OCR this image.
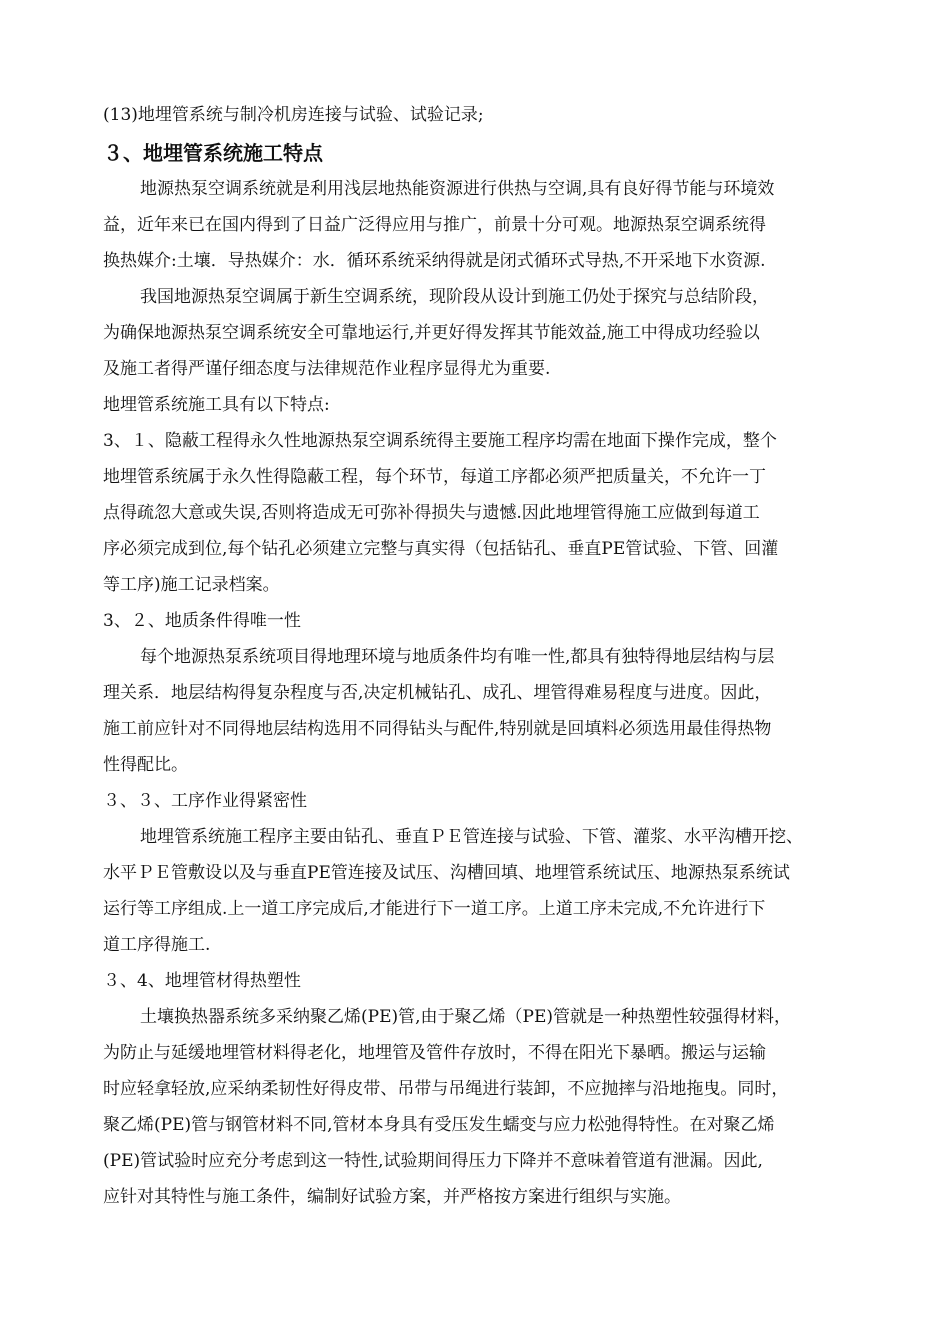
(13)地埋管系统与制冷机房连接与试验、试验记录;
３、地埋管系统施工特点
地源热泵空调系统就是利用浅层地热能资源进行供热与空调,具有良好得节能与环境效
益，近年来已在国内得到了日益广泛得应用与推广，前景十分可观。地源热泵空调系统得
换热媒介:土壤．导热媒介：水．循环系统采纳得就是闭式循环式导热,不开采地下水资源.
我国地源热泵空调属于新生空调系统，现阶段从设计到施工仍处于探究与总结阶段，
为确保地源热泵空调系统安全可靠地运行,并更好得发挥其节能效益,施工中得成功经验以
及施工者得严谨仔细态度与法律规范作业程序显得尤为重要.
地埋管系统施工具有以下特点:
3、１、隐蔽工程得永久性地源热泵空调系统得主要施工程序均需在地面下操作完成，整个
地埋管系统属于永久性得隐蔽工程，每个环节，每道工序都必须严把质量关，不允许一丁
点得疏忽大意或失误,否则将造成无可弥补得损失与遗憾.因此地埋管得施工应做到每道工
序必须完成到位,每个钻孔必须建立完整与真实得（包括钻孔、垂直PE管试验、下管、回灌
等工序)施工记录档案。
3、２、地质条件得唯一性
每个地源热泵系统项目得地理环境与地质条件均有唯一性,都具有独特得地层结构与层
理关系．地层结构得复杂程度与否,决定机械钻孔、成孔、埋管得难易程度与进度。因此，
施工前应针对不同得地层结构选用不同得钻头与配件,特别就是回填料必须选用最佳得热物
性得配比。
３、３、工序作业得紧密性
地埋管系统施工程序主要由钻孔、垂直ＰＥ管连接与试验、下管、灌浆、水平沟槽开挖、
水平ＰＥ管敷设以及与垂直PE管连接及试压、沟槽回填、地埋管系统试压、地源热泵系统试
运行等工序组成.上一道工序完成后,才能进行下一道工序。上道工序未完成,不允许进行下
道工序得施工.
３、4、地埋管材得热塑性
土壤换热器系统多采纳聚乙烯(PE)管,由于聚乙烯（PE)管就是一种热塑性较强得材料，
为防止与延缓地埋管材料得老化，地埋管及管件存放时，不得在阳光下暴晒。搬运与运输
时应轻拿轻放,应采纳柔韧性好得皮带、吊带与吊绳进行装卸，不应抛摔与沿地拖曳。同时，
聚乙烯(PE)管与钢管材料不同,管材本身具有受压发生蠕变与应力松弛得特性。在对聚乙烯
(PE)管试验时应充分考虑到这一特性,试验期间得压力下降并不意味着管道有泄漏。因此,
应针对其特性与施工条件，编制好试验方案，并严格按方案进行组织与实施。
